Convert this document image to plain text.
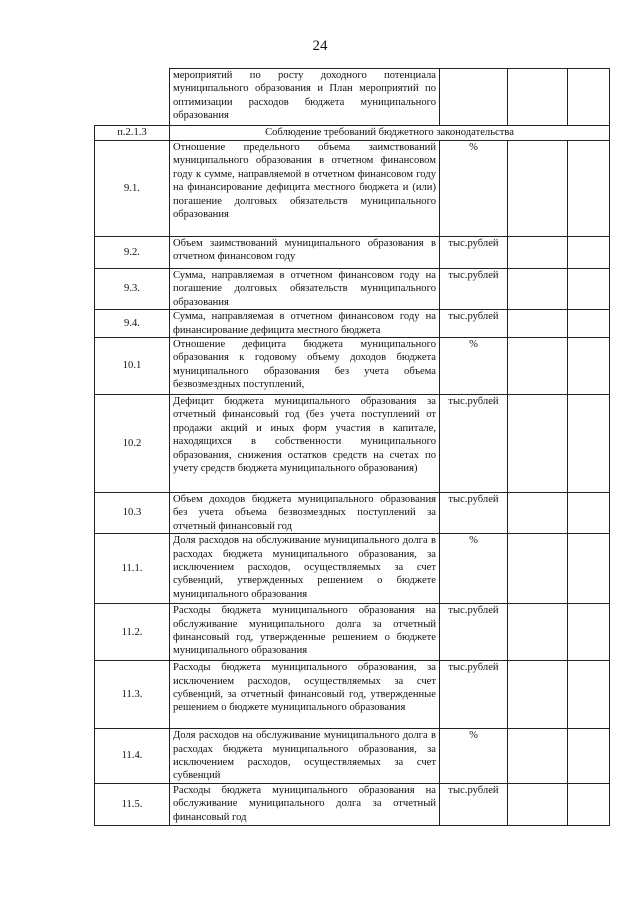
24
	мероприятий по росту доходного потенциала муниципального образования и План мероприятий по оптимизации расходов бюджета муниципального образования			
п.2.1.3	Соблюдение требований бюджетного законодательства			
9.1.	Отношение предельного объема заимствований муниципального образования в отчетном финансовом году к сумме, направляемой в отчетном финансовом году на финансирование дефицита местного бюджета и (или) погашение долговых обязательств муниципального образования	%		
9.2.	Объем заимствований муниципального образования в отчетном финансовом году	тыс.рублей		
9.3.	Сумма, направляемая в отчетном финансовом году на погашение долговых обязательств муниципального образования	тыс.рублей		
9.4.	Сумма, направляемая в отчетном финансовом году на финансирование дефицита местного бюджета	тыс.рублей		
10.1	Отношение дефицита бюджета муниципального образования к годовому объему доходов бюджета муниципального образования без учета объема безвозмездных поступлений,	%		
10.2	Дефицит бюджета муниципального образования за отчетный финансовый год (без учета поступлений от продажи акций и иных форм участия в капитале, находящихся в собственности муниципального образования, снижения остатков средств на счетах по учету средств бюджета муниципального образования)	тыс.рублей		
10.3	Объем доходов бюджета муниципального образования без учета объема безвозмездных поступлений за отчетный финансовый год	тыс.рублей		
11.1.	Доля расходов на обслуживание муниципального долга в расходах бюджета муниципального образования, за исключением расходов, осуществляемых за счет субвенций, утвержденных решением о бюджете муниципального образования	%		
11.2.	Расходы бюджета муниципального образования на обслуживание муниципального долга за отчетный финансовый год, утвержденные решением о бюджете муниципального образования	тыс.рублей		
11.3.	Расходы бюджета муниципального образования, за исключением расходов, осуществляемых за счет субвенций, за отчетный финансовый год, утвержденные решением о бюджете муниципального образования	тыс.рублей		
11.4.	Доля расходов на обслуживание муниципального долга в расходах бюджета муниципального образования, за исключением расходов, осуществляемых за счет субвенций	%		
11.5.	Расходы бюджета муниципального образования на обслуживание муниципального долга за отчетный финансовый год	тыс.рублей		
